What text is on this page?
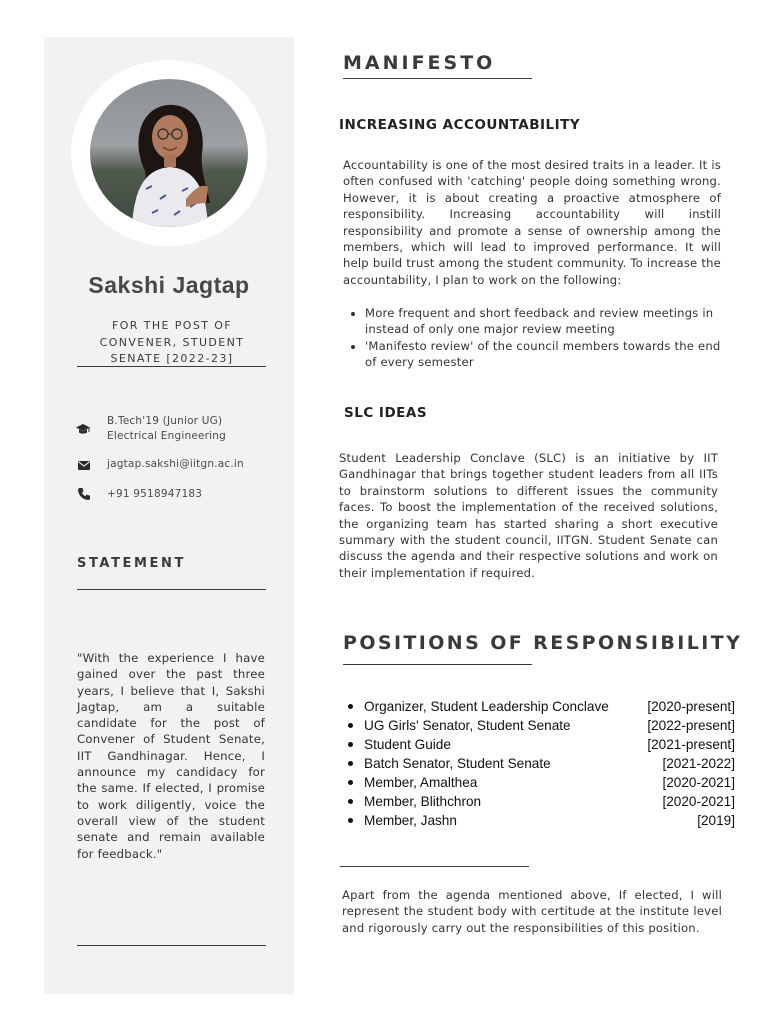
Sakshi Jagtap
FOR THE POST OF
CONVENER, STUDENT
SENATE [2022-23]
B.Tech'19 (Junior UG)
Electrical Engineering
jagtap.sakshi@iitgn.ac.in
+91 9518947183
STATEMENT
"With the experience I have gained over the past three years, I believe that I, Sakshi Jagtap, am a suitable candidate for the post of Convener of Student Senate, IIT Gandhinagar. Hence, I announce my candidacy for the same. If elected, I promise to work diligently, voice the overall view of the student senate and remain available for feedback."
MANIFESTO
INCREASING ACCOUNTABILITY
Accountability is one of the most desired traits in a leader. It is often confused with 'catching' people doing something wrong. However, it is about creating a proactive atmosphere of responsibility. Increasing accountability will instill responsibility and promote a sense of ownership among the members, which will lead to improved performance. It will help build trust among the student community. To increase the accountability, I plan to work on the following:
• More frequent and short feedback and review meetings in instead of only one major review meeting
• 'Manifesto review' of the council members towards the end of every semester
SLC IDEAS
Student Leadership Conclave (SLC) is an initiative by IIT Gandhinagar that brings together student leaders from all IITs to brainstorm solutions to different issues the community faces. To boost the implementation of the received solutions, the organizing team has started sharing a short executive summary with the student council, IITGN. Student Senate can discuss the agenda and their respective solutions and work on their implementation if required.
POSITIONS OF RESPONSIBILITY
Organizer, Student Leadership Conclave	[2020-present]
UG Girls' Senator, Student Senate	[2022-present]
Student Guide	[2021-present]
Batch Senator, Student Senate	[2021-2022]
Member, Amalthea	[2020-2021]
Member, Blithchron	[2020-2021]
Member, Jashn	[2019]
Apart from the agenda mentioned above, If elected, I will represent the student body with certitude at the institute level and rigorously carry out the responsibilities of this position.
